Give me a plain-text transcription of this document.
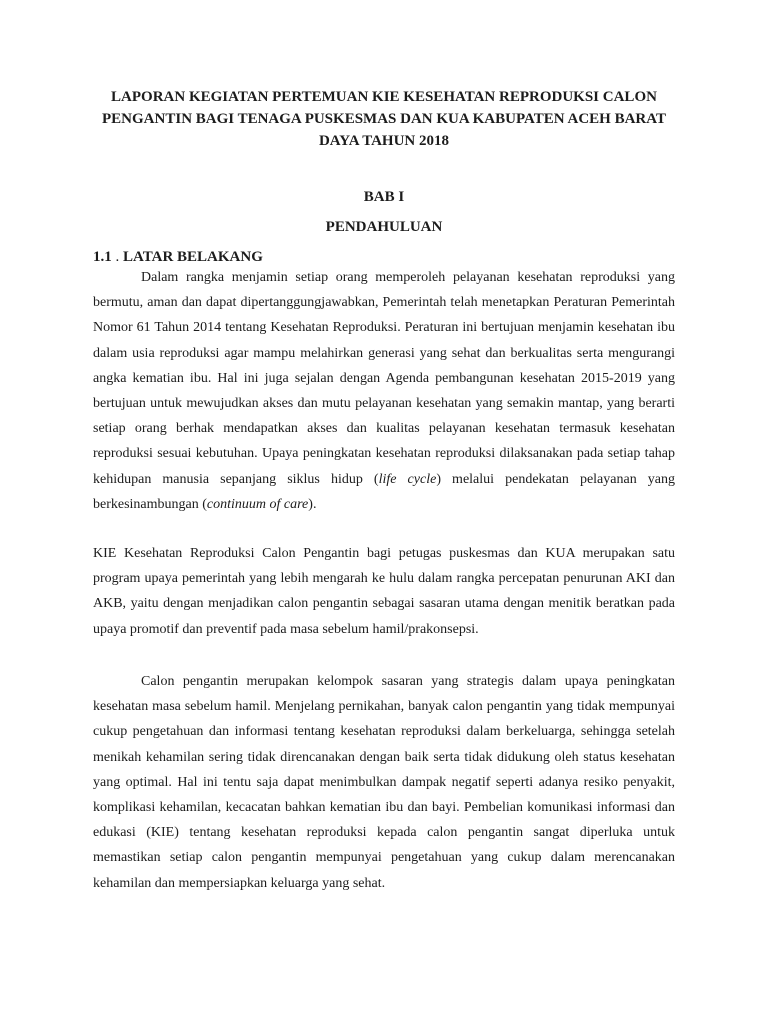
LAPORAN KEGIATAN PERTEMUAN KIE KESEHATAN REPRODUKSI CALON PENGANTIN BAGI TENAGA PUSKESMAS DAN KUA KABUPATEN ACEH BARAT DAYA TAHUN 2018
BAB I
PENDAHULUAN
1.1 . LATAR BELAKANG

Dalam rangka menjamin setiap orang memperoleh pelayanan kesehatan reproduksi yang bermutu, aman dan dapat dipertanggungjawabkan, Pemerintah telah menetapkan Peraturan Pemerintah Nomor 61 Tahun 2014 tentang Kesehatan Reproduksi. Peraturan ini bertujuan menjamin kesehatan ibu dalam usia reproduksi agar mampu melahirkan generasi yang sehat dan berkualitas serta mengurangi angka kematian ibu. Hal ini juga sejalan dengan Agenda pembangunan kesehatan 2015-2019 yang bertujuan untuk mewujudkan akses dan mutu pelayanan kesehatan yang semakin mantap, yang berarti setiap orang berhak mendapatkan akses dan kualitas pelayanan kesehatan termasuk kesehatan reproduksi sesuai kebutuhan. Upaya peningkatan kesehatan reproduksi dilaksanakan pada setiap tahap kehidupan manusia sepanjang siklus hidup (life cycle) melalui pendekatan pelayanan yang berkesinambungan (continuum of care).

KIE Kesehatan Reproduksi Calon Pengantin bagi petugas puskesmas dan KUA merupakan satu program upaya pemerintah yang lebih mengarah ke hulu dalam rangka percepatan penurunan AKI dan AKB, yaitu dengan menjadikan calon pengantin sebagai sasaran utama dengan menitik beratkan pada upaya promotif dan preventif pada masa sebelum hamil/prakonsepsi.

Calon pengantin merupakan kelompok sasaran yang strategis dalam upaya peningkatan kesehatan masa sebelum hamil. Menjelang pernikahan, banyak calon pengantin yang tidak mempunyai cukup pengetahuan dan informasi tentang kesehatan reproduksi dalam berkeluarga, sehingga setelah menikah kehamilan sering tidak direncanakan dengan baik serta tidak didukung oleh status kesehatan yang optimal. Hal ini tentu saja dapat menimbulkan dampak negatif seperti adanya resiko penyakit, komplikasi kehamilan, kecacatan bahkan kematian ibu dan bayi. Pembelian komunikasi informasi dan edukasi (KIE) tentang kesehatan reproduksi kepada calon pengantin sangat diperluka untuk memastikan setiap calon pengantin mempunyai pengetahuan yang cukup dalam merencanakan kehamilan dan mempersiapkan keluarga yang sehat.
